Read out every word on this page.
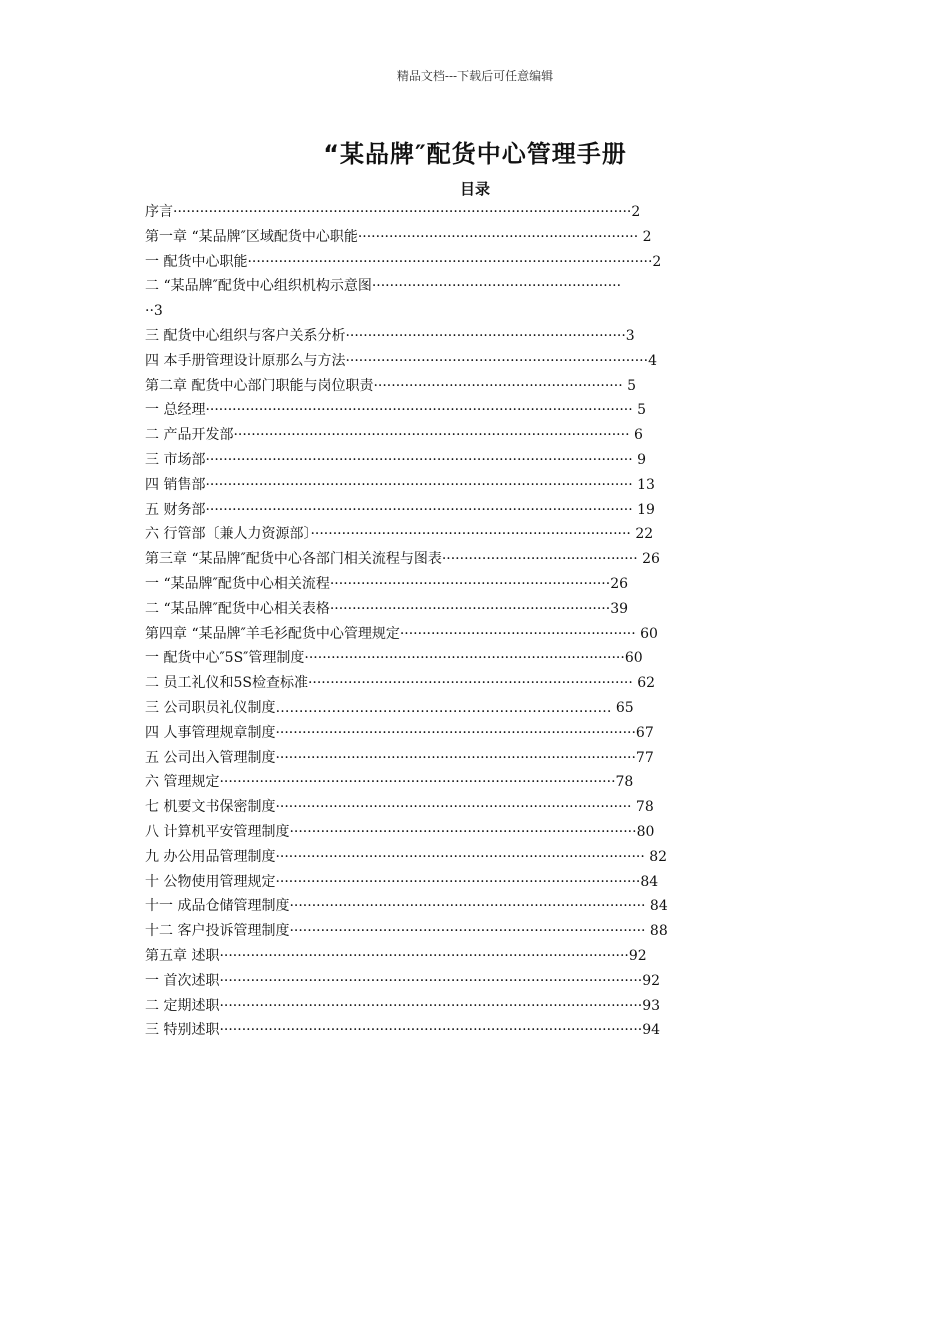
精品文档---下载后可任意编辑
“某品牌″配货中心管理手册
目录
序言·······································································································2
第一章 “某品牌″区域配货中心职能······························································· 2
一 配货中心职能···························································································2
二 “某品牌″配货中心组织机构示意图························································
··3
三 配货中心组织与客户关系分析·······························································3
四 本手册管理设计原那么与方法····································································4
第二章 配货中心部门职能与岗位职责························································ 5
一 总经理································································································ 5
二 产品开发部························································································· 6
三 市场部································································································ 9
四 销售部································································································ 13
五 财务部································································································ 19
六 行管部〔兼人力资源部〕········································································ 22
第三章 “某品牌″配货中心各部门相关流程与图表············································ 26
一 “某品牌″配货中心相关流程·······························································26
二 “某品牌″配货中心相关表格·······························································39
第四章 “某品牌″羊毛衫配货中心管理规定····················································· 60
一 配货中心″5S″管理制度········································································60
二 员工礼仪和5S检查标准········································································· 62
三 公司职员礼仪制度……………………………………………………………… 65
四 人事管理规章制度·················································································67
五 公司出入管理制度·················································································77
六 管理规定·························································································78
七 机要文书保密制度················································································ 78
八 计算机平安管理制度··············································································80
九 办公用品管理制度··················································································· 82
十 公物使用管理规定··················································································84
十一 成品仓储管理制度················································································ 84
十二 客户投诉管理制度················································································ 88
第五章 述职····························································································92
一 首次述职·······························································································92
二 定期述职·······························································································93
三 特别述职·······························································································94
